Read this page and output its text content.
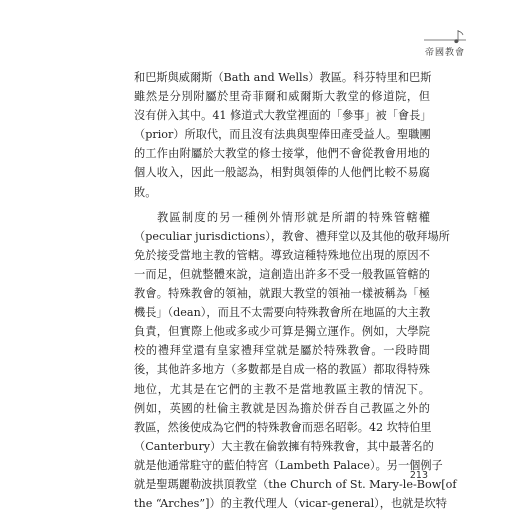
帝國教會
和巴斯與威爾斯（Bath and Wells）教區。科芬特里和巴斯
雖然是分別附屬於里奇菲爾和威爾斯大教堂的修道院，但
沒有併入其中。41 修道式大教堂裡面的「參事」被「會長」
（prior）所取代，而且沒有法典與聖俸田產受益人。聖職團
的工作由附屬於大教堂的修士接掌，他們不會從教會用地的
個人收入，因此一般認為，相對與領俸的人他們比較不易腐
敗。
教區制度的另一種例外情形就是所謂的特殊管轄權
（peculiar jurisdictions），教會、禮拜堂以及其他的敬拜場所
免於接受當地主教的管轄。導致這種特殊地位出現的原因不
一而足，但就整體來說，這創造出許多不受一般教區管轄的
教會。特殊教會的領袖，就跟大教堂的領袖一樣被稱為「極
機長」（dean），而且不太需要向特殊教會所在地區的大主教
負責，但實際上他或多或少可算是獨立運作。例如，大學院
校的禮拜堂還有皇家禮拜堂就是屬於特殊教會。一段時間
後，其他許多地方（多數都是自成一格的教區）都取得特殊
地位，尤其是在它們的主教不是當地教區主教的情況下。
例如，英國的杜倫主教就是因為擔於併吞自己教區之外的
教區，然後使成為它們的特殊教會而惡名昭彰。42 坎特伯里
（Canterbury）大主教在倫敦擁有特殊教會，其中最著名的
就是他通常駐守的藍伯特宮（Lambeth Palace）。另一個例子
就是聖瑪麗勒波拱頂教堂（the Church of St. Mary-le-Bow[of
the “Arches”]）的主教代理人（vicar-general），也就是坎特
213
